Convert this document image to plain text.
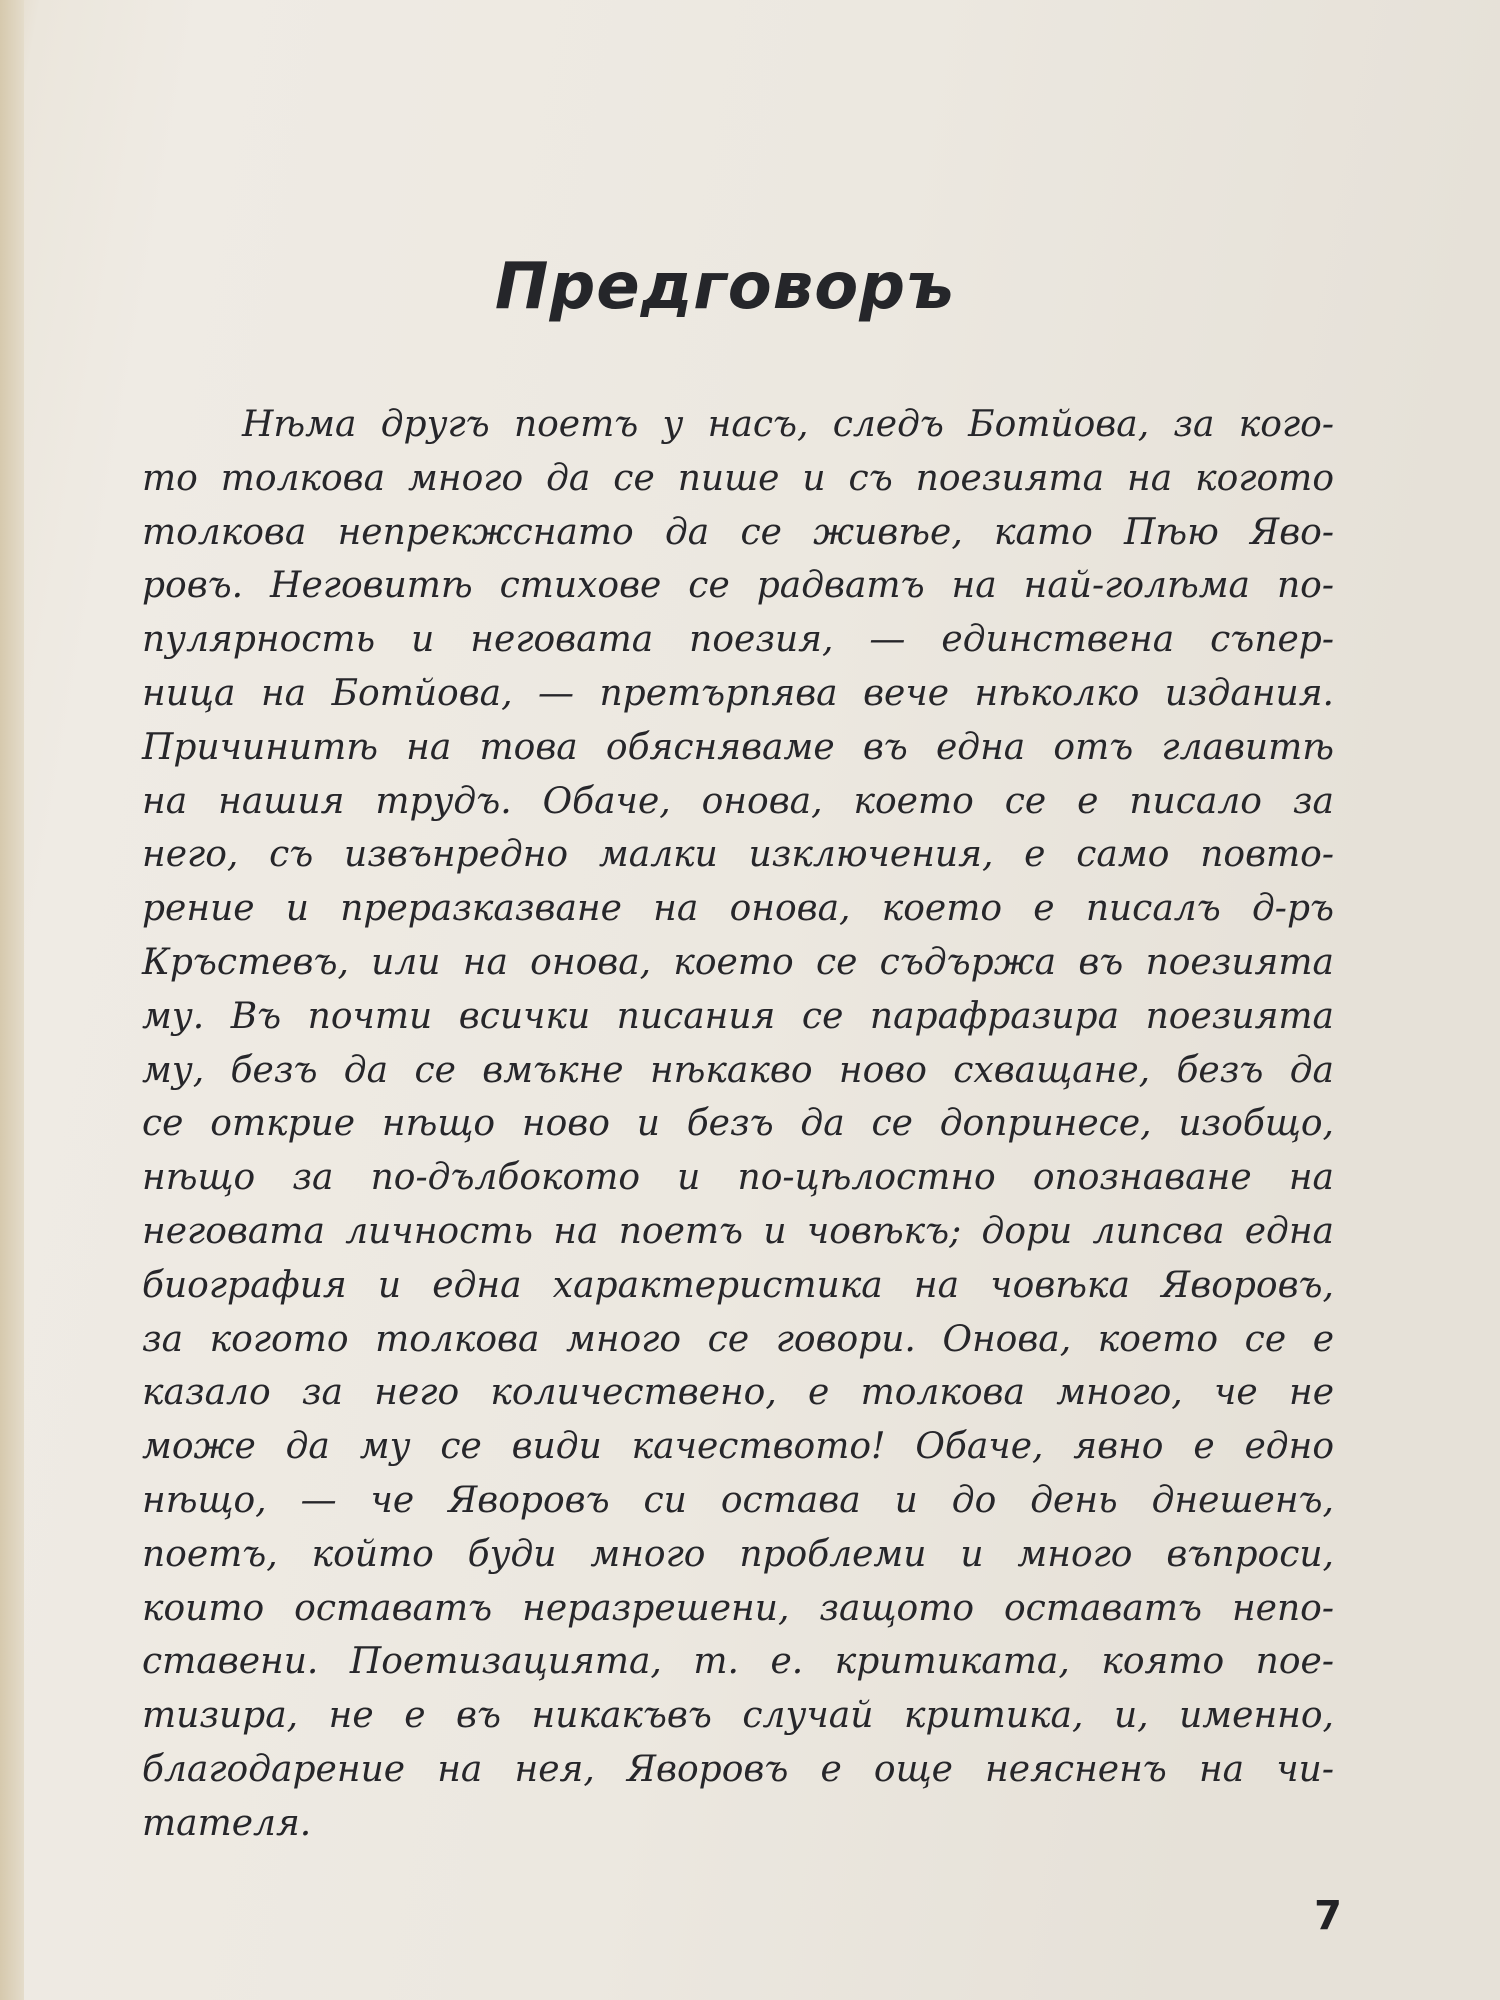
Предговоръ
Нѣма другъ поетъ у насъ, следъ Ботйова, за кого-
то толкова много да се пише и съ поезията на когото
толкова непрекжснато да се живѣе, като Пѣю Яво-
ровъ. Неговитѣ стихове се радватъ на най-голѣма по-
пулярность и неговата поезия, — единствена съпер-
ница на Ботйова, — претърпява вече нѣколко издания.
Причинитѣ на това обясняваме въ една отъ главитѣ
на нашия трудъ. Обаче, онова, което се е писало за
него, съ извънредно малки изключения, е само повто-
рение и преразказване на онова, което е писалъ д-ръ
Кръстевъ, или на онова, което се съдържа въ поезията
му. Въ почти всички писания се парафразира поезията
му, безъ да се вмъкне нѣкакво ново схващане, безъ да
се открие нѣщо ново и безъ да се допринесе, изобщо,
нѣщо за по-дълбокото и по-цѣлостно опознаване на
неговата личность на поетъ и човѣкъ; дори липсва една
биография и една характеристика на човѣка Яворовъ,
за когото толкова много се говори. Онова, което се е
казало за него количествено, е толкова много, че не
може да му се види качеството! Обаче, явно е едно
нѣщо, — че Яворовъ си остава и до день днешенъ,
поетъ, който буди много проблеми и много въпроси,
които оставатъ неразрешени, защото оставатъ непо-
ставени. Поетизацията, т. е. критиката, която пое-
тизира, не е въ никакъвъ случай критика, и, именно,
благодарение на нея, Яворовъ е още неясненъ на чи-
тателя.
7
